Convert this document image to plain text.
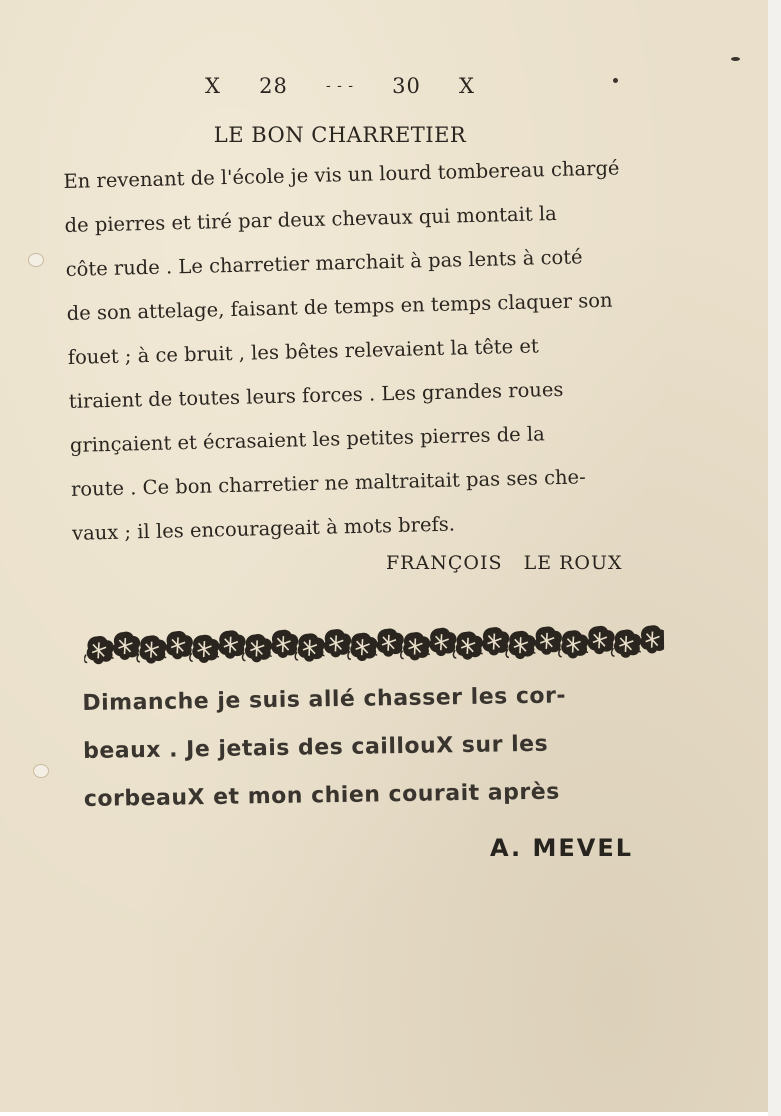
X 28	- - - 30 X
LE BON CHARRETIER
En revenant de l'école je vis un lourd tombereau chargé
de pierres et tiré par deux chevaux qui montait la
côte rude . Le charretier marchait à pas lents à coté
de son attelage, faisant de temps en temps claquer son
fouet ; à ce bruit , les bêtes relevaient la tête et
tiraient de toutes leurs forces . Les grandes roues
grinçaient et écrasaient les petites pierres de la
route . Ce bon charretier ne maltraitait pas ses che-
vaux ; il les encourageait à mots brefs.
FRANÇOIS   LE ROUX
Dimanche je suis allé chasser les cor-
beaux . Je jetais des caillouX sur les
corbeauX et mon chien courait après
A. MEVEL
